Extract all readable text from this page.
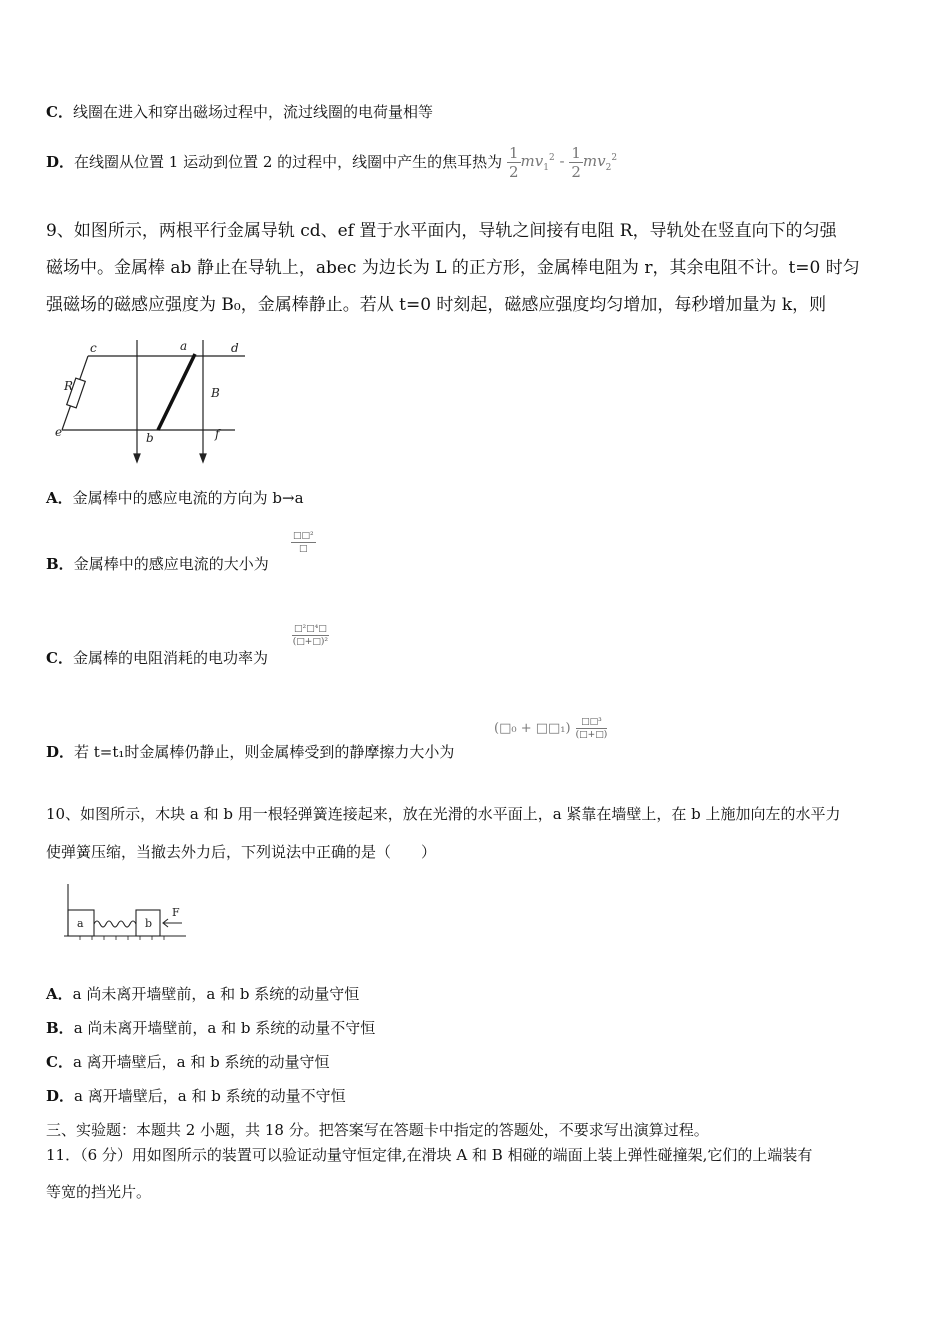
C．线圈在进入和穿出磁场过程中，流过线圈的电荷量相等
D．在线圈从位置 1 运动到位置 2 的过程中，线圈中产生的焦耳热为 $\frac{1}{2} mv_1^2 - \frac{1}{2} mv_2^2$
9、如图所示，两根平行金属导轨 cd、ef 置于水平面内，导轨之间接有电阻 R，导轨处在竖直向下的匀强
磁场中。金属棒 ab 静止在导轨上，abec 为边长为 L 的正方形，金属棒电阻为 r，其余电阻不计。t=0 时匀
强磁场的磁感应强度为 B₀，金属棒静止。若从 t=0 时刻起，磁感应强度均匀增加，每秒增加量为 k，则
c	a	d
R	B
e	b	f
A．金属棒中的感应电流的方向为 b→a
B．金属棒中的感应电流的大小为
□□²
□
C．金属棒的电阻消耗的电功率为
□²□⁴□
(□+□)²
D．若 t=t₁时金属棒仍静止，则金属棒受到的静摩擦力大小为
(□₀ + □□₁)	□□³
(□+□)
10、如图所示，木块 a 和 b 用一根轻弹簧连接起来，放在光滑的水平面上，a 紧靠在墙壁上，在 b 上施加向左的水平力
使弹簧压缩，当撤去外力后，下列说法中正确的是（　　）
a	b
F
A．a 尚未离开墙壁前，a 和 b 系统的动量守恒
B．a 尚未离开墙壁前，a 和 b 系统的动量不守恒
C．a 离开墙壁后，a 和 b 系统的动量守恒
D．a 离开墙壁后，a 和 b 系统的动量不守恒
三、实验题：本题共 2 小题，共 18 分。把答案写在答题卡中指定的答题处，不要求写出演算过程。
11．（6 分）用如图所示的装置可以验证动量守恒定律,在滑块 A 和 B 相碰的端面上装上弹性碰撞架,它们的上端装有
等宽的挡光片。
